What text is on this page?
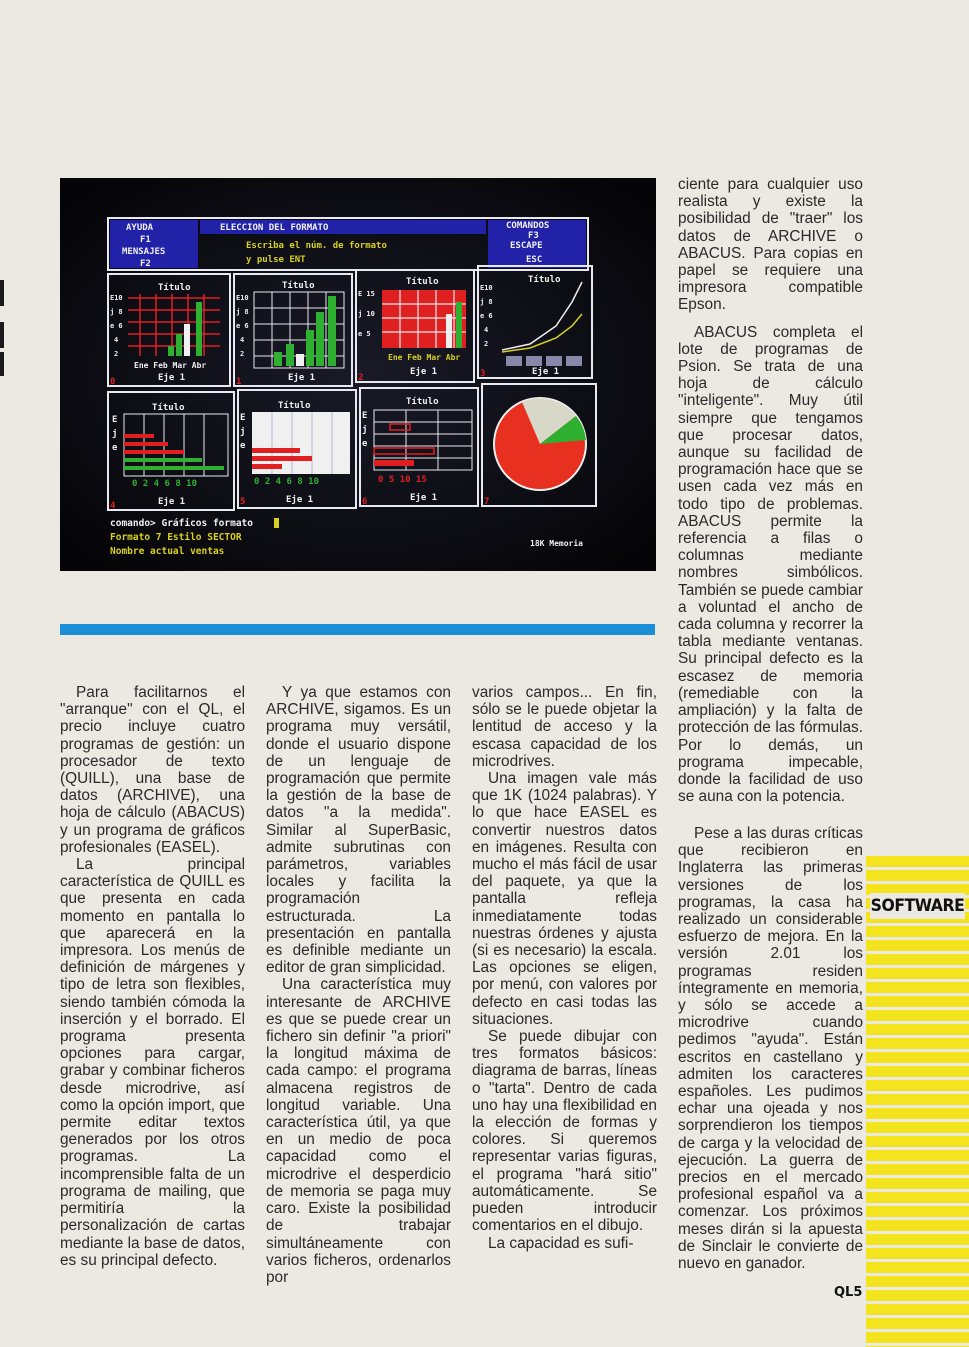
AYUDA
F1
MENSAJES
F2
ELECCION DEL FORMATO
Escriba el núm. de formato
y pulse ENT
COMANDOS
F3
ESCAPE
ESC
Título
E10
j 8
e 6
4
2
Ene Feb Mar Abr
Eje 1
0
Título
E10
j 8
e 6
4
2
Eje 1
1
Título
E 15
j 10
e 5
Ene Feb Mar Abr
Eje 1
2
Título
E10
j 8
e 6
4
2
Eje 1
3
Título
E
j
e
0 2 4 6 8 10
Eje 1
4
Título
E
j
e
0 2 4 6 8 10
Eje 1
5
Título
E
j
e
0 5 10 15
Eje 1
6	7
comando> Gráficos formato
Formato 7 Estilo SECTOR
Nombre actual ventas
18K Memoria

Para facilitarnos el "arranque" con el QL, el precio incluye cuatro programas de gestión: un procesador de texto (QUILL), una base de datos (ARCHIVE), una hoja de cálculo (ABACUS) y un programa de gráficos profesionales (EASEL).

La principal característica de QUILL es que presenta en cada momento en pantalla lo que aparecerá en la impresora. Los menús de definición de márgenes y tipo de letra son flexibles, siendo también cómoda la inserción y el borrado. El programa presenta opciones para cargar, grabar y combinar ficheros desde microdrive, así como la opción import, que permite editar textos generados por los otros programas. La incomprensible falta de un programa de mailing, que permitiría la personalización de cartas mediante la base de datos, es su principal defecto.

Y ya que estamos con ARCHIVE, sigamos. Es un programa muy versátil, donde el usuario dispone de un lenguaje de programación que permite la gestión de la base de datos "a la medida". Similar al SuperBasic, admite subrutinas con parámetros, variables locales y facilita la programación estructurada. La presentación en pantalla es definible mediante un editor de gran simplicidad.

Una característica muy interesante de ARCHIVE es que se puede crear un fichero sin definir "a priori" la longitud máxima de cada campo: el programa almacena registros de longitud variable. Una característica útil, ya que en un medio de poca capacidad como el microdrive el desperdicio de memoria se paga muy caro. Existe la posibilidad de trabajar simultáneamente con varios ficheros, ordenarlos por

varios campos... En fin, sólo se le puede objetar la lentitud de acceso y la escasa capacidad de los microdrives.

Una imagen vale más que 1K (1024 palabras). Y lo que hace EASEL es convertir nuestros datos en imágenes. Resulta con mucho el más fácil de usar del paquete, ya que la pantalla refleja inmediatamente todas nuestras órdenes y ajusta (si es necesario) la escala. Las opciones se eligen, por menú, con valores por defecto en casi todas las situaciones.

Se puede dibujar con tres formatos básicos: diagrama de barras, líneas o "tarta". Dentro de cada uno hay una flexibilidad en la elección de formas y colores. Si queremos representar varias figuras, el programa "hará sitio" automáticamente. Se pueden introducir comentarios en el dibujo.

La capacidad es sufi-

ciente para cualquier uso realista y existe la posibilidad de "traer" los datos de ARCHIVE o ABACUS. Para copias en papel se requiere una impresora compatible Epson.

ABACUS completa el lote de programas de Psion. Se trata de una hoja de cálculo "inteligente". Muy útil siempre que tengamos que procesar datos, aunque su facilidad de programación hace que se usen cada vez más en todo tipo de problemas. ABACUS permite la referencia a filas o columnas mediante nombres simbólicos. También se puede cambiar a voluntad el ancho de cada columna y recorrer la tabla mediante ventanas. Su principal defecto es la escasez de memoria (remediable con la ampliación) y la falta de protección de las fórmulas. Por lo demás, un programa impecable, donde la facilidad de uso se auna con la potencia.

Pese a las duras críticas que recibieron en Inglaterra las primeras versiones de los programas, la casa ha realizado un considerable esfuerzo de mejora. En la versión 2.01 los programas residen íntegramente en memoria, y sólo se accede a microdrive cuando pedimos "ayuda". Están escritos en castellano y admiten los caracteres españoles. Les pudimos echar una ojeada y nos sorprendieron los tiempos de carga y la velocidad de ejecución. La guerra de precios en el mercado profesional español va a comenzar. Los próximos meses dirán si la apuesta de Sinclair le convierte de nuevo en ganador.

SOFTWARE
QL5
